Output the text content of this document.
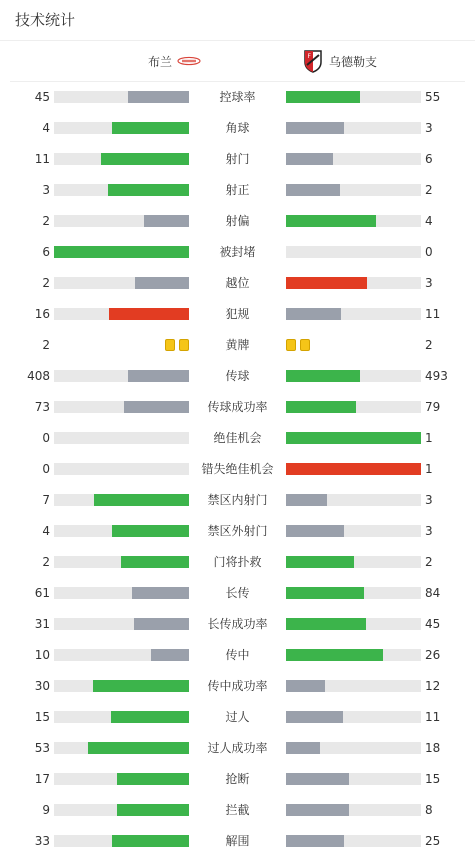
技术统计
布兰	F 乌德勒支
45	控球率	55
4	角球	3
11	射门	6
3	射正	2
2	射偏	4
6	被封堵	0
2	越位	3
16	犯规	11
2	黄牌	2
408	传球	493
73	传球成功率	79
0	绝佳机会	1
0	错失绝佳机会	1
7	禁区内射门	3
4	禁区外射门	3
2	门将扑救	2
61	长传	84
31	长传成功率	45
10	传中	26
30	传中成功率	12
15	过人	11
53	过人成功率	18
17	抢断	15
9	拦截	8
33	解围	25
